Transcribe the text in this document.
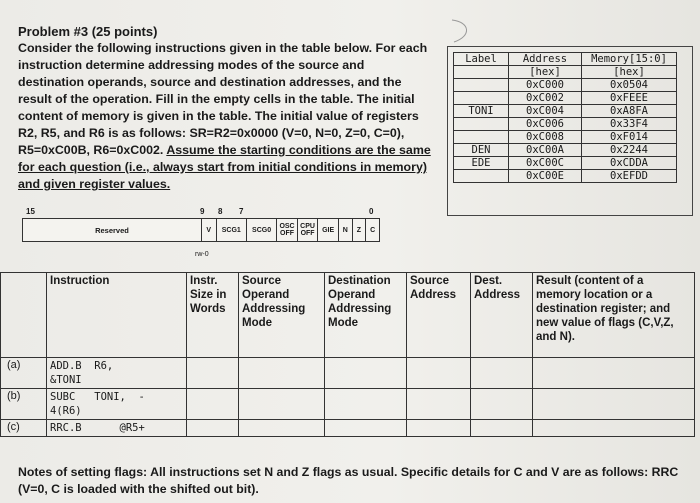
Problem #3 (25 points)

Consider the following instructions given in the table below. For each instruction determine addressing modes of the source and destination operands, source and destination addresses, and the result of the operation. Fill in the empty cells in the table. The initial content of memory is given in the table. The initial value of registers R2, R5, and R6 is as follows: SR=R2=0x0000 (V=0, N=0, Z=0, C=0), R5=0xC00B, R6=0xC002. Assume the starting conditions are the same for each question (i.e., always start from initial conditions in memory) and given register values.

Label	Address	Memory[15:0]
	[hex]	[hex]
	0xC000	0x0504
	0xC002	0xFEEE
TONI	0xC004	0xA8FA
	0xC006	0x33F4
	0xC008	0xF014
DEN	0xC00A	0x2244
EDE	0xC00C	0xCDDA
	0xC00E	0xEFDD
15	9 8 7	0
Reserved	V	SCG1	SCG0	OSC OFF
CPU OFF	GIE	N	Z	C
rw-0
	Instruction	Instr. Size in Words	Source Operand Addressing Mode	Destination Operand Addressing Mode	Source Address	Dest. Address	Result (content of a memory location or a destination register; and new value of flags (C,V,Z, and N).
(a)	ADD.B  R6,
&TONI						
(b)	SUBC   TONI,  -
4(R6)						
(c)	RRC.B      @R5+						

Notes of setting flags: All instructions set N and Z flags as usual. Specific details for C and V are as follows: RRC (V=0, C is loaded with the shifted out bit).
